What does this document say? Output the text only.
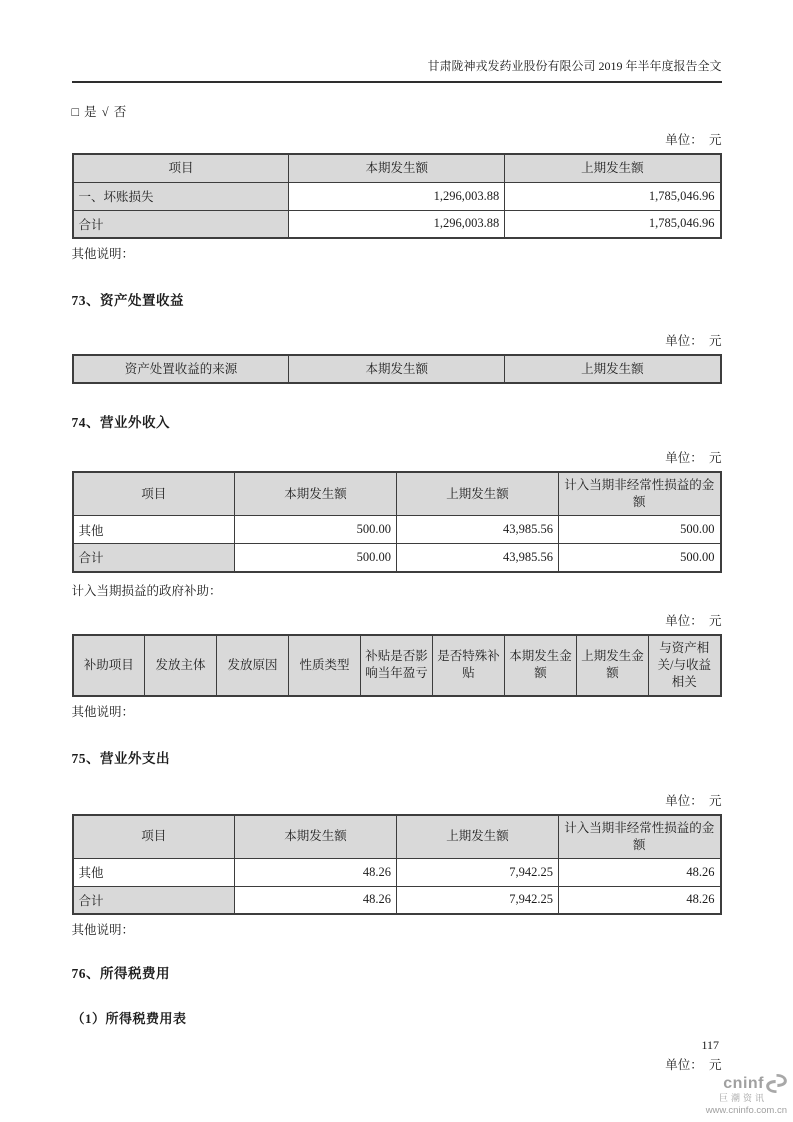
甘肃陇神戎发药业股份有限公司 2019 年半年度报告全文
□ 是 √ 否
单位：　元
项目	本期发生额	上期发生额
一、坏账损失	1,296,003.88	1,785,046.96
合计	1,296,003.88	1,785,046.96
其他说明：
73、资产处置收益
单位：　元
资产处置收益的来源	本期发生额	上期发生额
74、营业外收入
单位：　元
项目	本期发生额	上期发生额	计入当期非经常性损益的金额
其他	500.00	43,985.56	500.00
合计	500.00	43,985.56	500.00
计入当期损益的政府补助：
单位：　元
补助项目	发放主体	发放原因	性质类型	补贴是否影响当年盈亏	是否特殊补贴	本期发生金额	上期发生金额	与资产相关/与收益相关
其他说明：
75、营业外支出
单位：　元
项目	本期发生额	上期发生额	计入当期非经常性损益的金额
其他	48.26	7,942.25	48.26
合计	48.26	7,942.25	48.26
其他说明：
76、所得税费用
（1）所得税费用表
单位：　元
117
cninf
巨潮资讯
www.cninfo.com.cn
